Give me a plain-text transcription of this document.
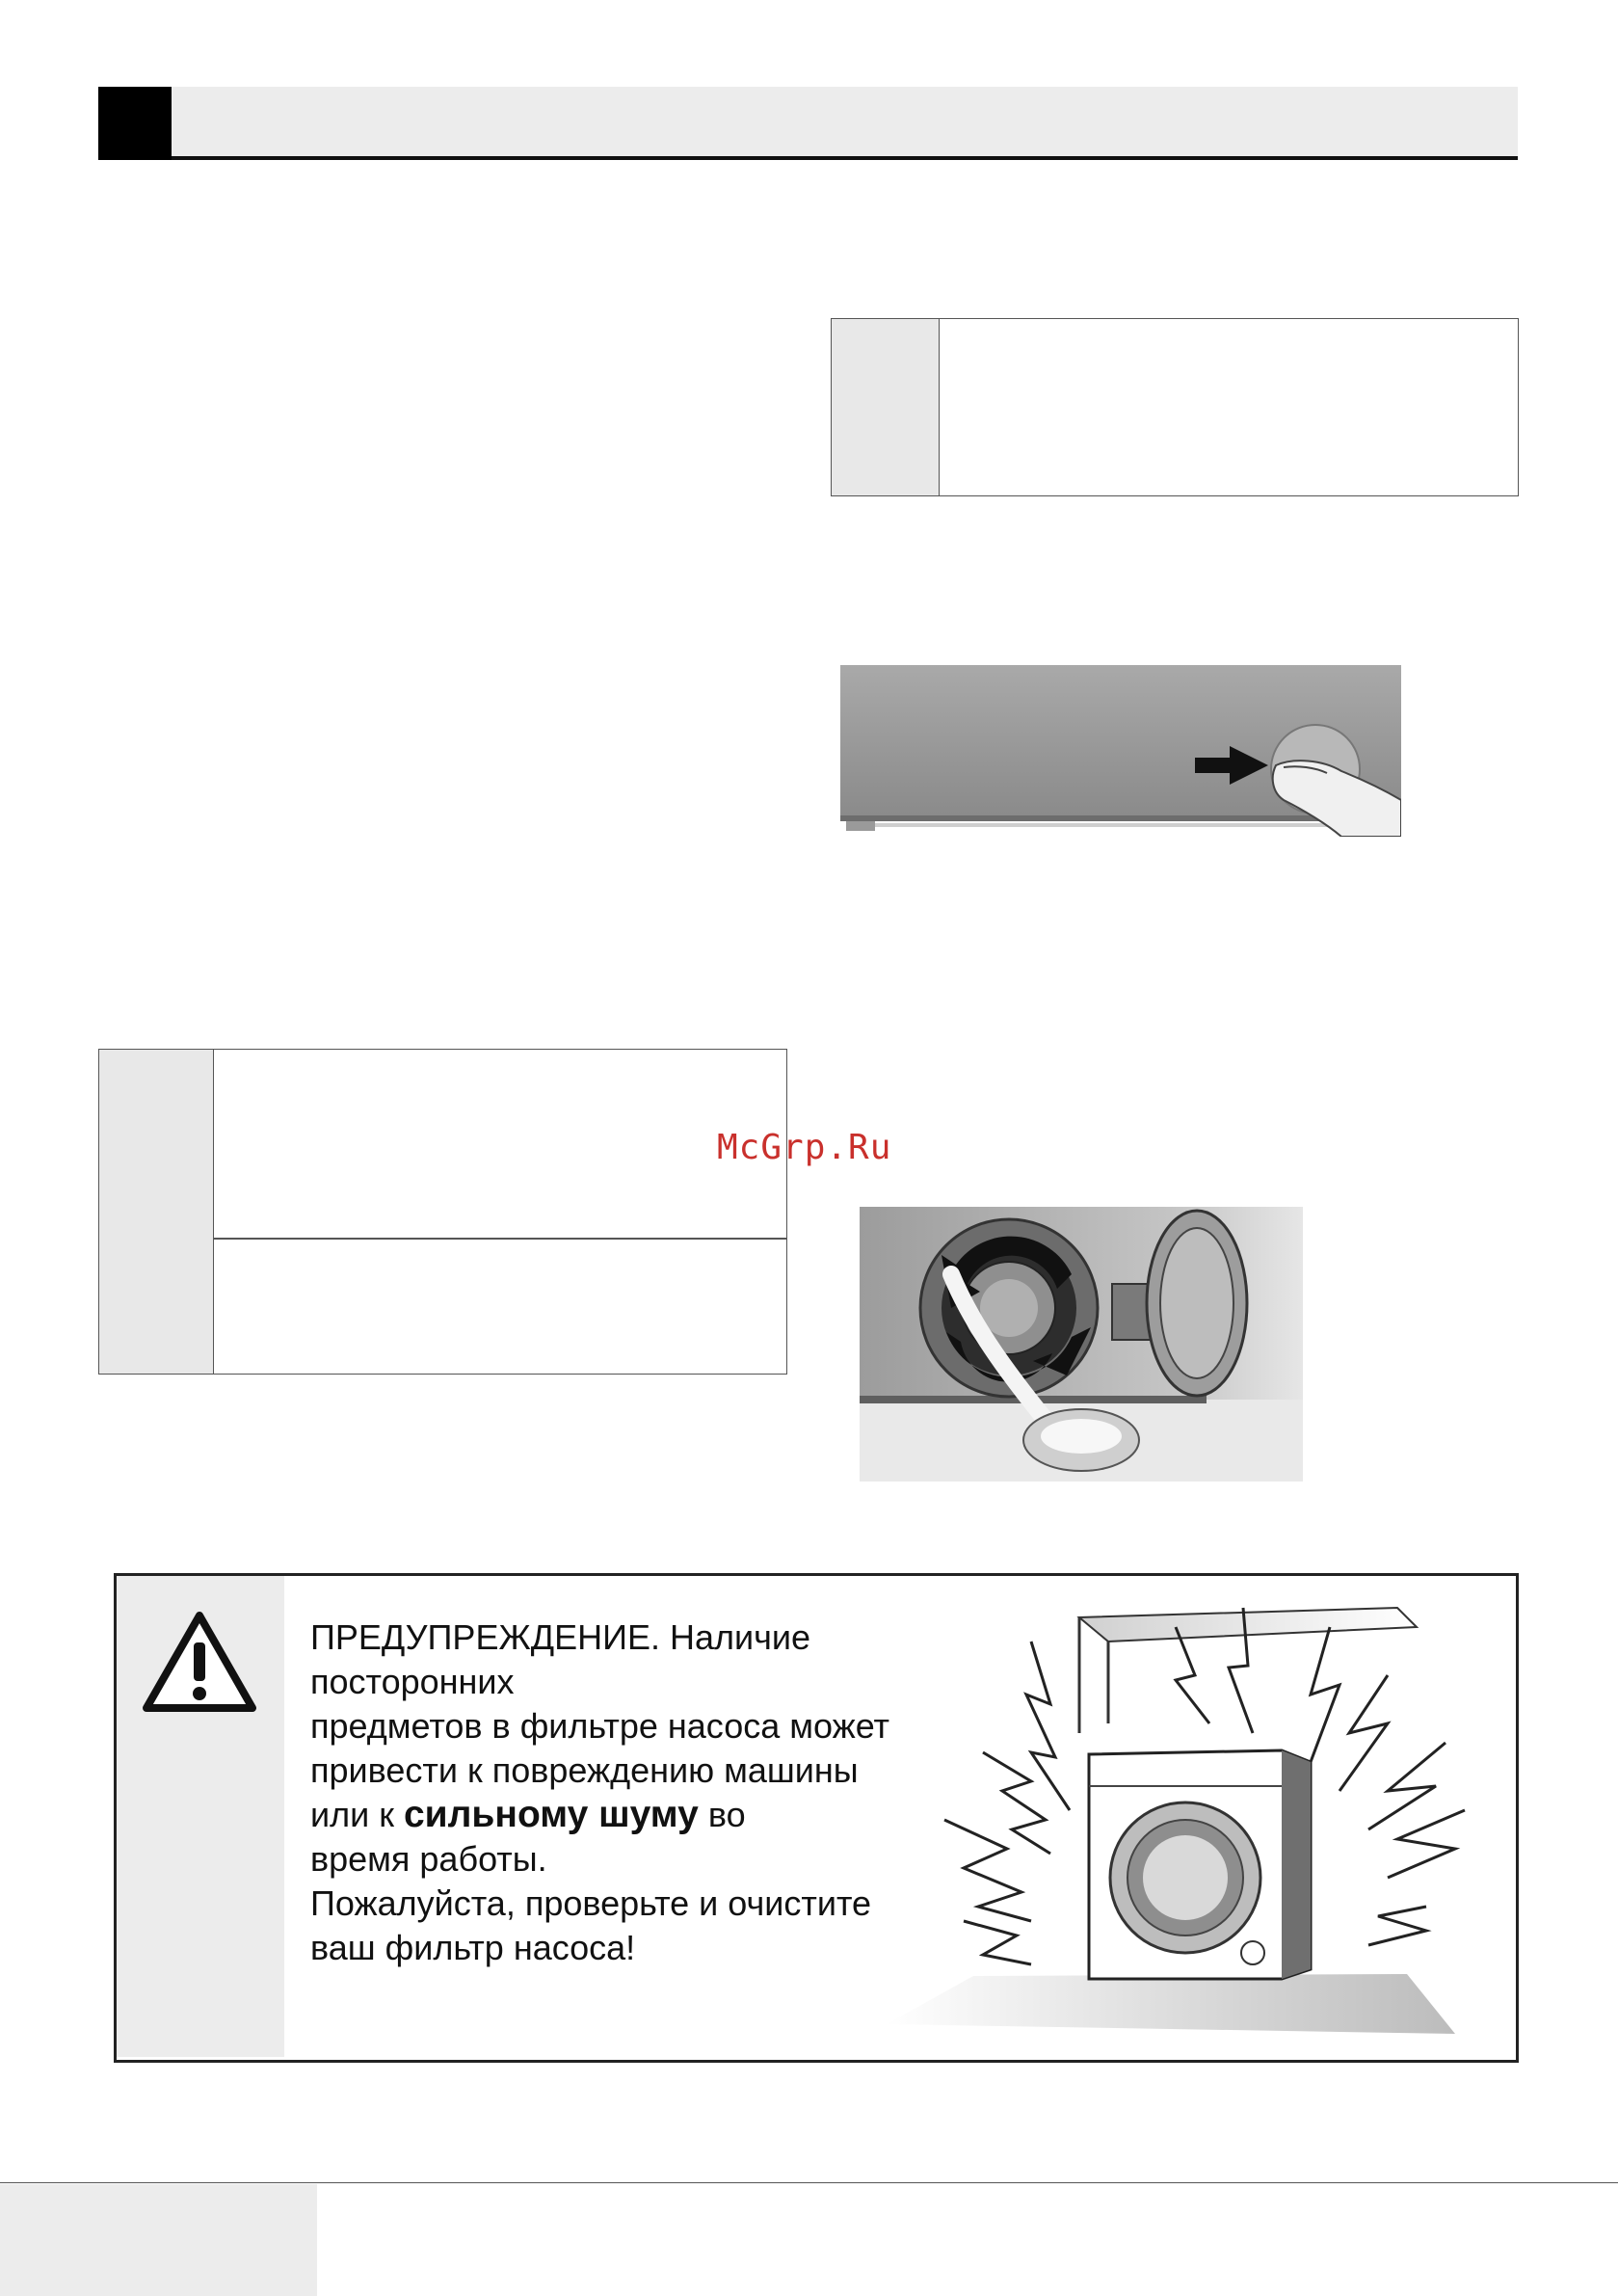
McGrp.Ru
ПРЕДУПРЕЖДЕНИЕ. Наличие посторонних
предметов в фильтре насоса может
привести к повреждению машины
или к сильному шуму во
время работы.
Пожалуйста, проверьте и очистите
ваш фильтр насоса!
